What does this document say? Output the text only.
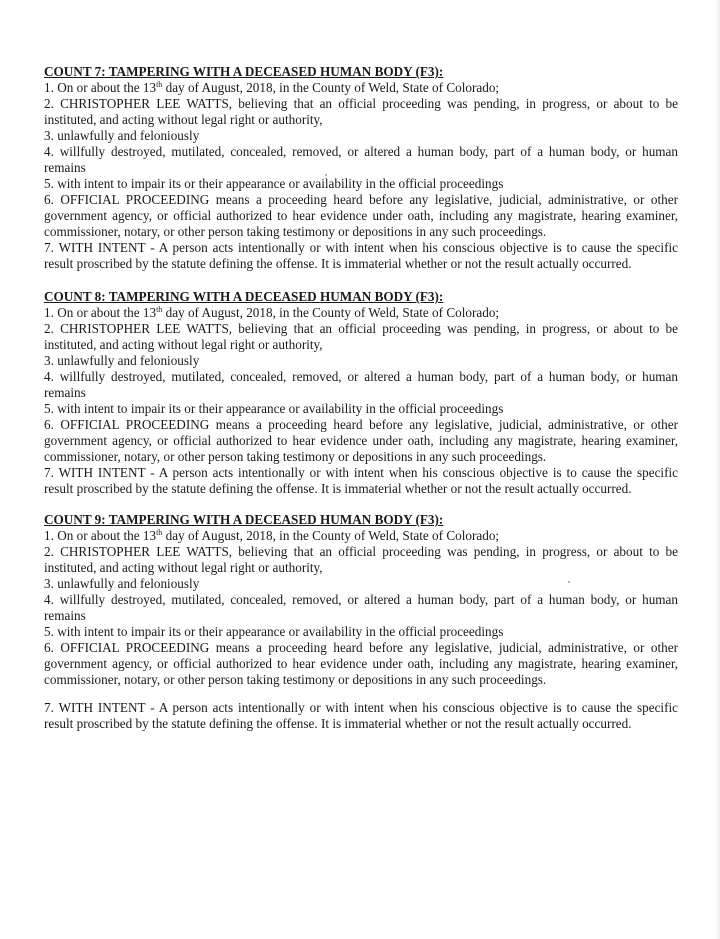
COUNT 7: TAMPERING WITH A DECEASED HUMAN BODY (F3):
1. On or about the 13th day of August, 2018, in the County of Weld, State of Colorado;
2. CHRISTOPHER LEE WATTS, believing that an official proceeding was pending, in progress, or about to be instituted, and acting without legal right or authority,
3. unlawfully and feloniously
4. willfully destroyed, mutilated, concealed, removed, or altered a human body, part of a human body, or human remains
5. with intent to impair its or their appearance or availability in the official proceedings
6. OFFICIAL PROCEEDING means a proceeding heard before any legislative, judicial, administrative, or other government agency, or official authorized to hear evidence under oath, including any magistrate, hearing examiner, commissioner, notary, or other person taking testimony or depositions in any such proceedings.
7. WITH INTENT - A person acts intentionally or with intent when his conscious objective is to cause the specific result proscribed by the statute defining the offense. It is immaterial whether or not the result actually occurred.
COUNT 8: TAMPERING WITH A DECEASED HUMAN BODY (F3):
1. On or about the 13th day of August, 2018, in the County of Weld, State of Colorado;
2. CHRISTOPHER LEE WATTS, believing that an official proceeding was pending, in progress, or about to be instituted, and acting without legal right or authority,
3. unlawfully and feloniously
4. willfully destroyed, mutilated, concealed, removed, or altered a human body, part of a human body, or human remains
5. with intent to impair its or their appearance or availability in the official proceedings
6. OFFICIAL PROCEEDING means a proceeding heard before any legislative, judicial, administrative, or other government agency, or official authorized to hear evidence under oath, including any magistrate, hearing examiner, commissioner, notary, or other person taking testimony or depositions in any such proceedings.
7. WITH INTENT - A person acts intentionally or with intent when his conscious objective is to cause the specific result proscribed by the statute defining the offense. It is immaterial whether or not the result actually occurred.
COUNT 9: TAMPERING WITH A DECEASED HUMAN BODY (F3):
1. On or about the 13th day of August, 2018, in the County of Weld, State of Colorado;
2. CHRISTOPHER LEE WATTS, believing that an official proceeding was pending, in progress, or about to be instituted, and acting without legal right or authority,
3. unlawfully and feloniously
4. willfully destroyed, mutilated, concealed, removed, or altered a human body, part of a human body, or human remains
5. with intent to impair its or their appearance or availability in the official proceedings
6. OFFICIAL PROCEEDING means a proceeding heard before any legislative, judicial, administrative, or other government agency, or official authorized to hear evidence under oath, including any magistrate, hearing examiner, commissioner, notary, or other person taking testimony or depositions in any such proceedings.
7. WITH INTENT - A person acts intentionally or with intent when his conscious objective is to cause the specific result proscribed by the statute defining the offense. It is immaterial whether or not the result actually occurred.
